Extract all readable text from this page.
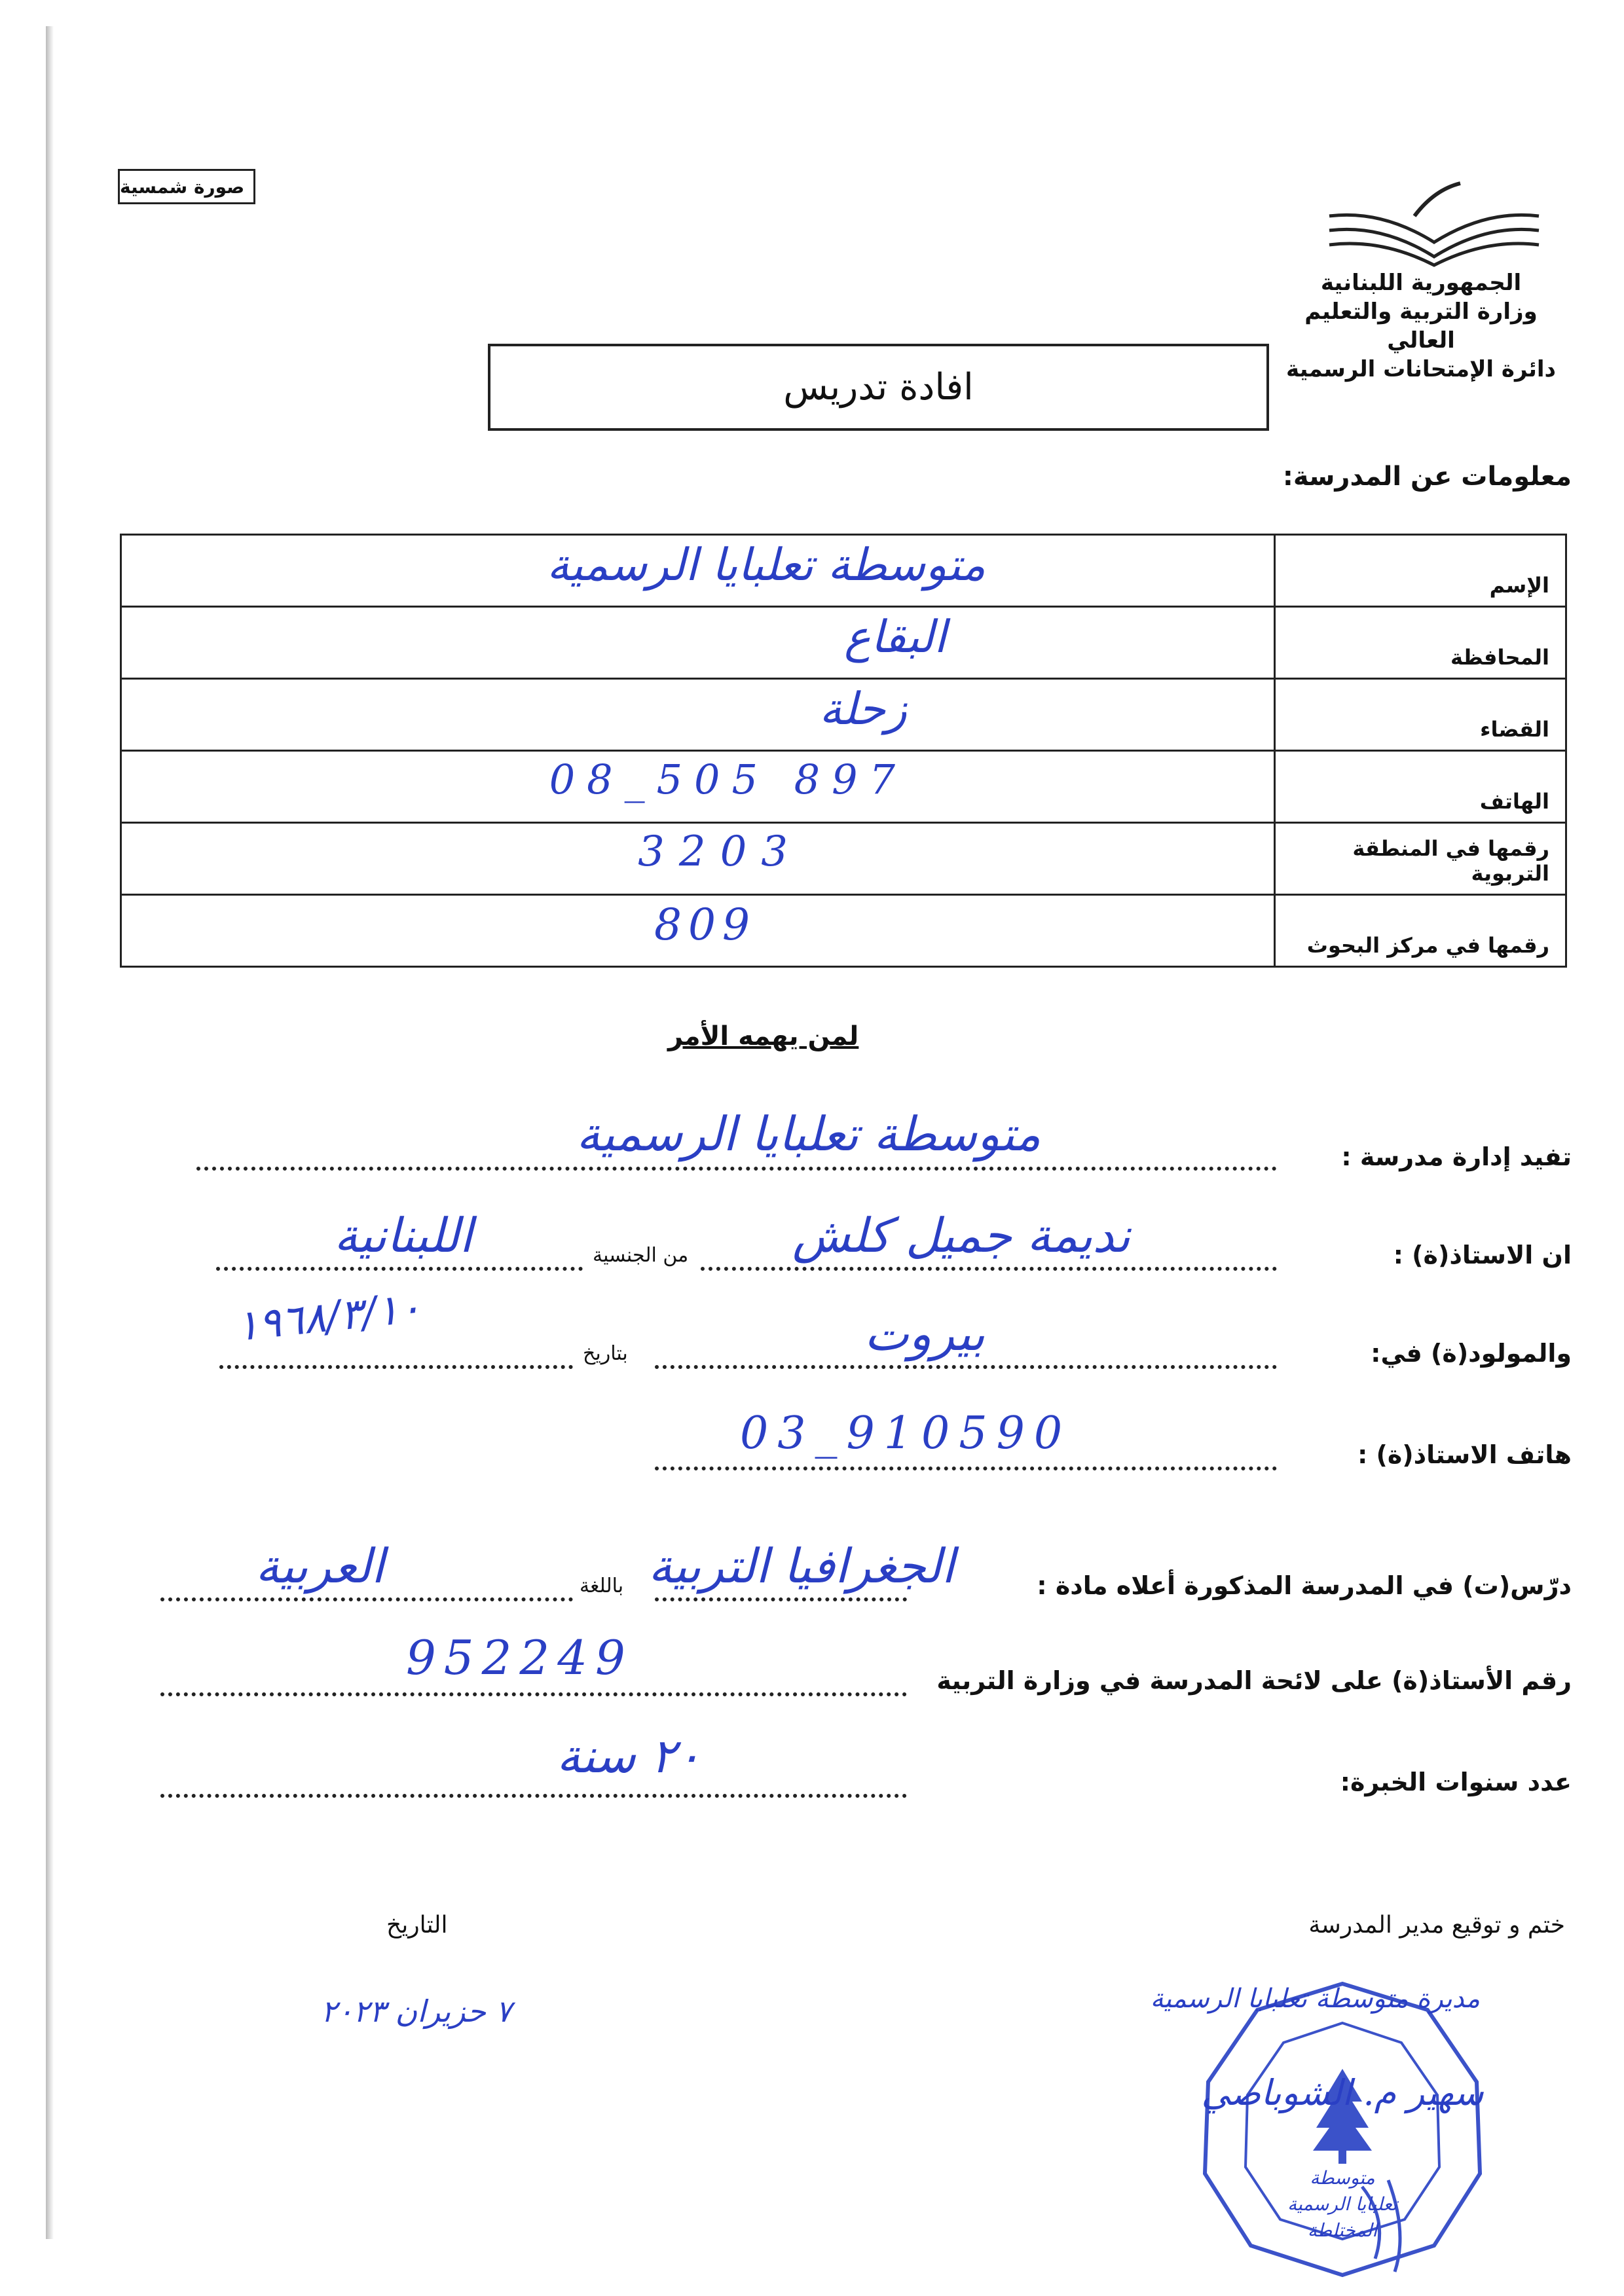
صورة شمسية
الجمهورية اللبنانية
وزارة التربية والتعليم العالي
دائرة الإمتحانات الرسمية
افادة تدريس
معلومات عن المدرسة:
الإسم	متوسطة تعلبايا الرسمية

المحافظة	البقاع

القضاء	زحلة

الهاتف	08_505 897

رقمها في المنطقة التربوية	3203

رقمها في مركز البحوث	809
لمن يهمه الأمر
تفيد إدارة مدرسة :
متوسطة تعلبايا الرسمية
ان الاستاذ(ة) :
نديمة جميل كلش
من الجنسية
اللبنانية
والمولود(ة) في:
بيروت
بتاريخ
١٩٦٨/٣/١٠
هاتف الاستاذ(ة) :
03_910590
درّس(ت) في المدرسة المذكورة أعلاه مادة :
الجغرافيا التربية
باللغة
العربية
رقم الأستاذ(ة) على لائحة المدرسة في وزارة التربية
952249
عدد سنوات الخبرة:
٢٠ سنة
ختم و توقيع مدير المدرسة
التاريخ
٧ حزيران ٢٠٢٣	مديرة متوسطة تعلبايا الرسمية
سهير م. الشوباصي
متوسطة
تعلبايا الرسمية
المختلطة
